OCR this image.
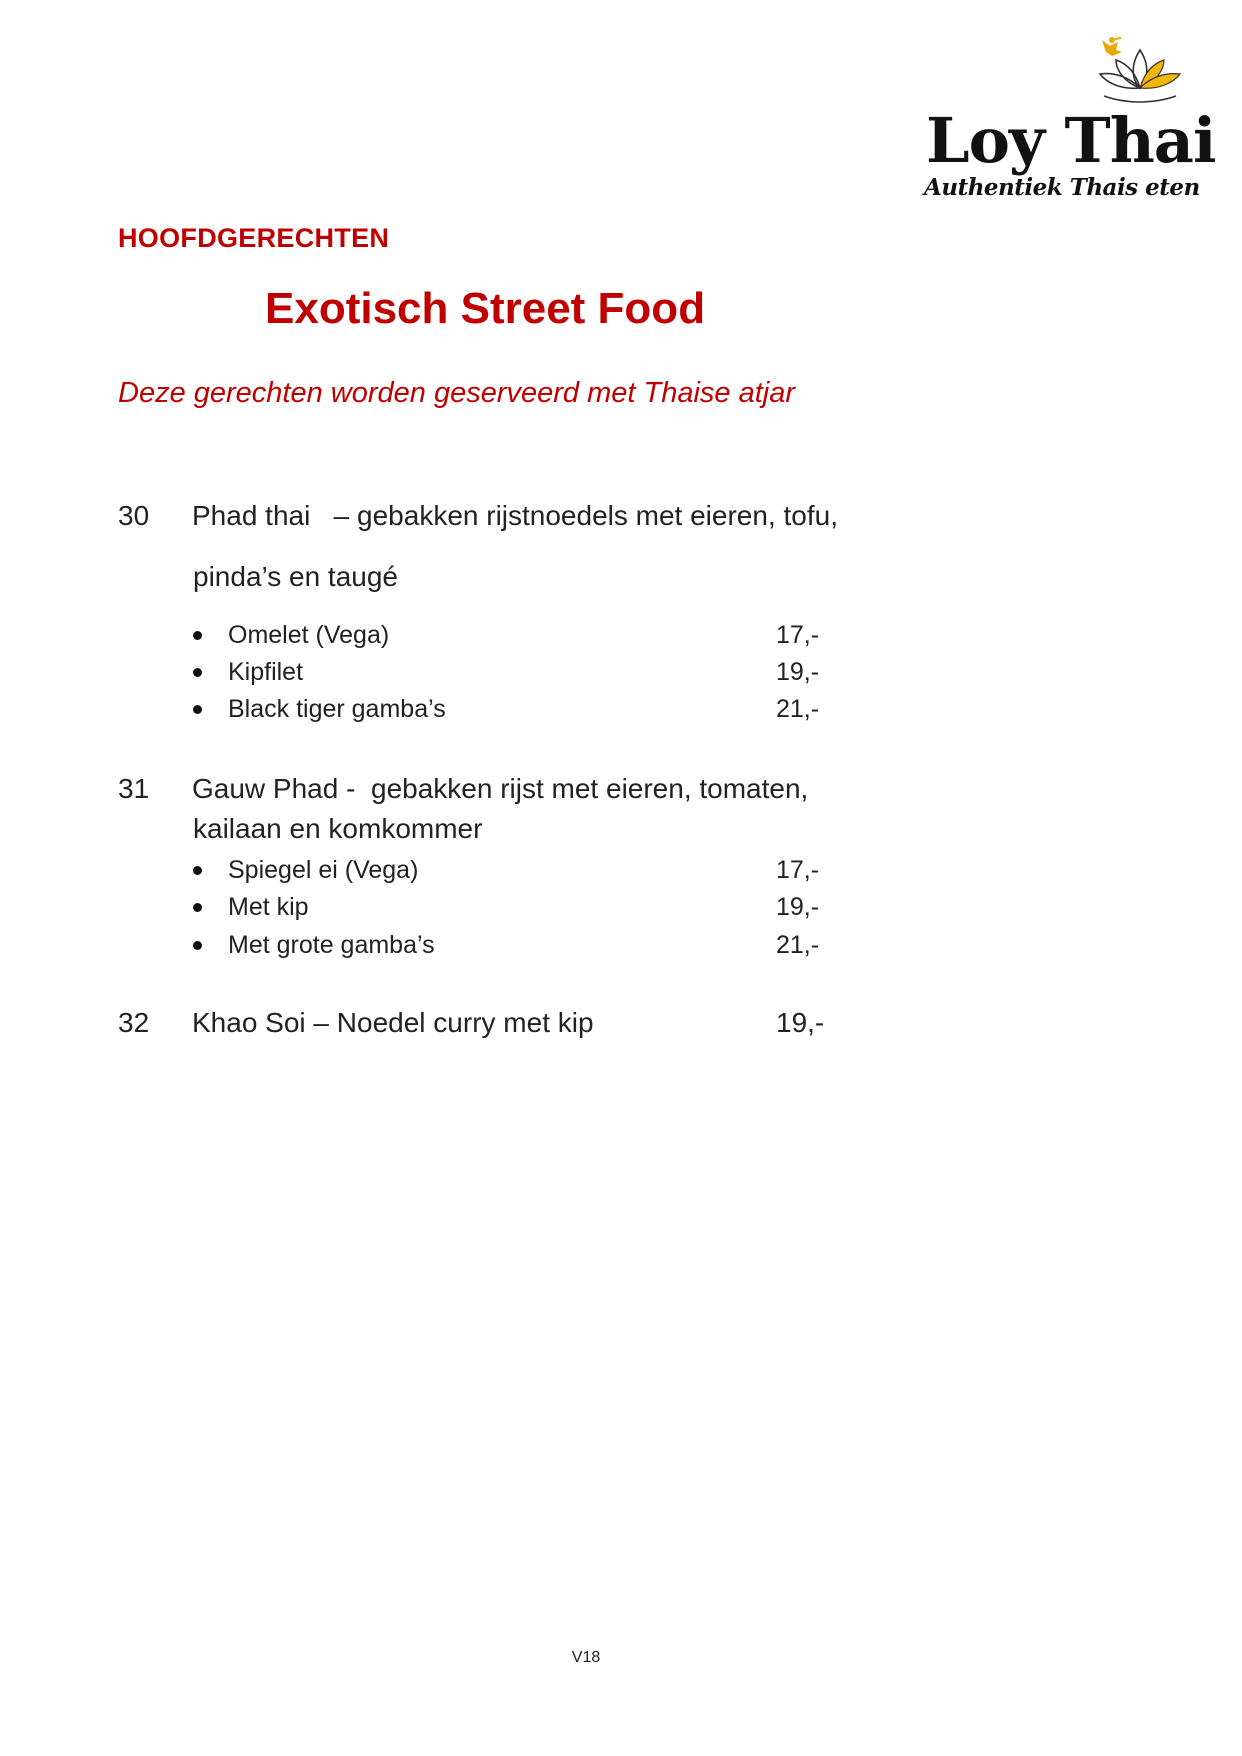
Loy Thai
Authentiek Thais eten
HOOFDGERECHTEN
Exotisch Street Food
Deze gerechten worden geserveerd met Thaise atjar
30 Phad thai – gebakken rijstnoedels met eieren, tofu,
pinda’s en taugé
Omelet (Vega)	17,-
Kipfilet	19,-
Black tiger gamba’s	21,-
31 Gauw Phad - gebakken rijst met eieren, tomaten,
kailaan en komkommer
Spiegel ei (Vega)	17,-
Met kip	19,-
Met grote gamba’s	21,-
32 Khao Soi – Noedel curry met kip	19,-
V18
